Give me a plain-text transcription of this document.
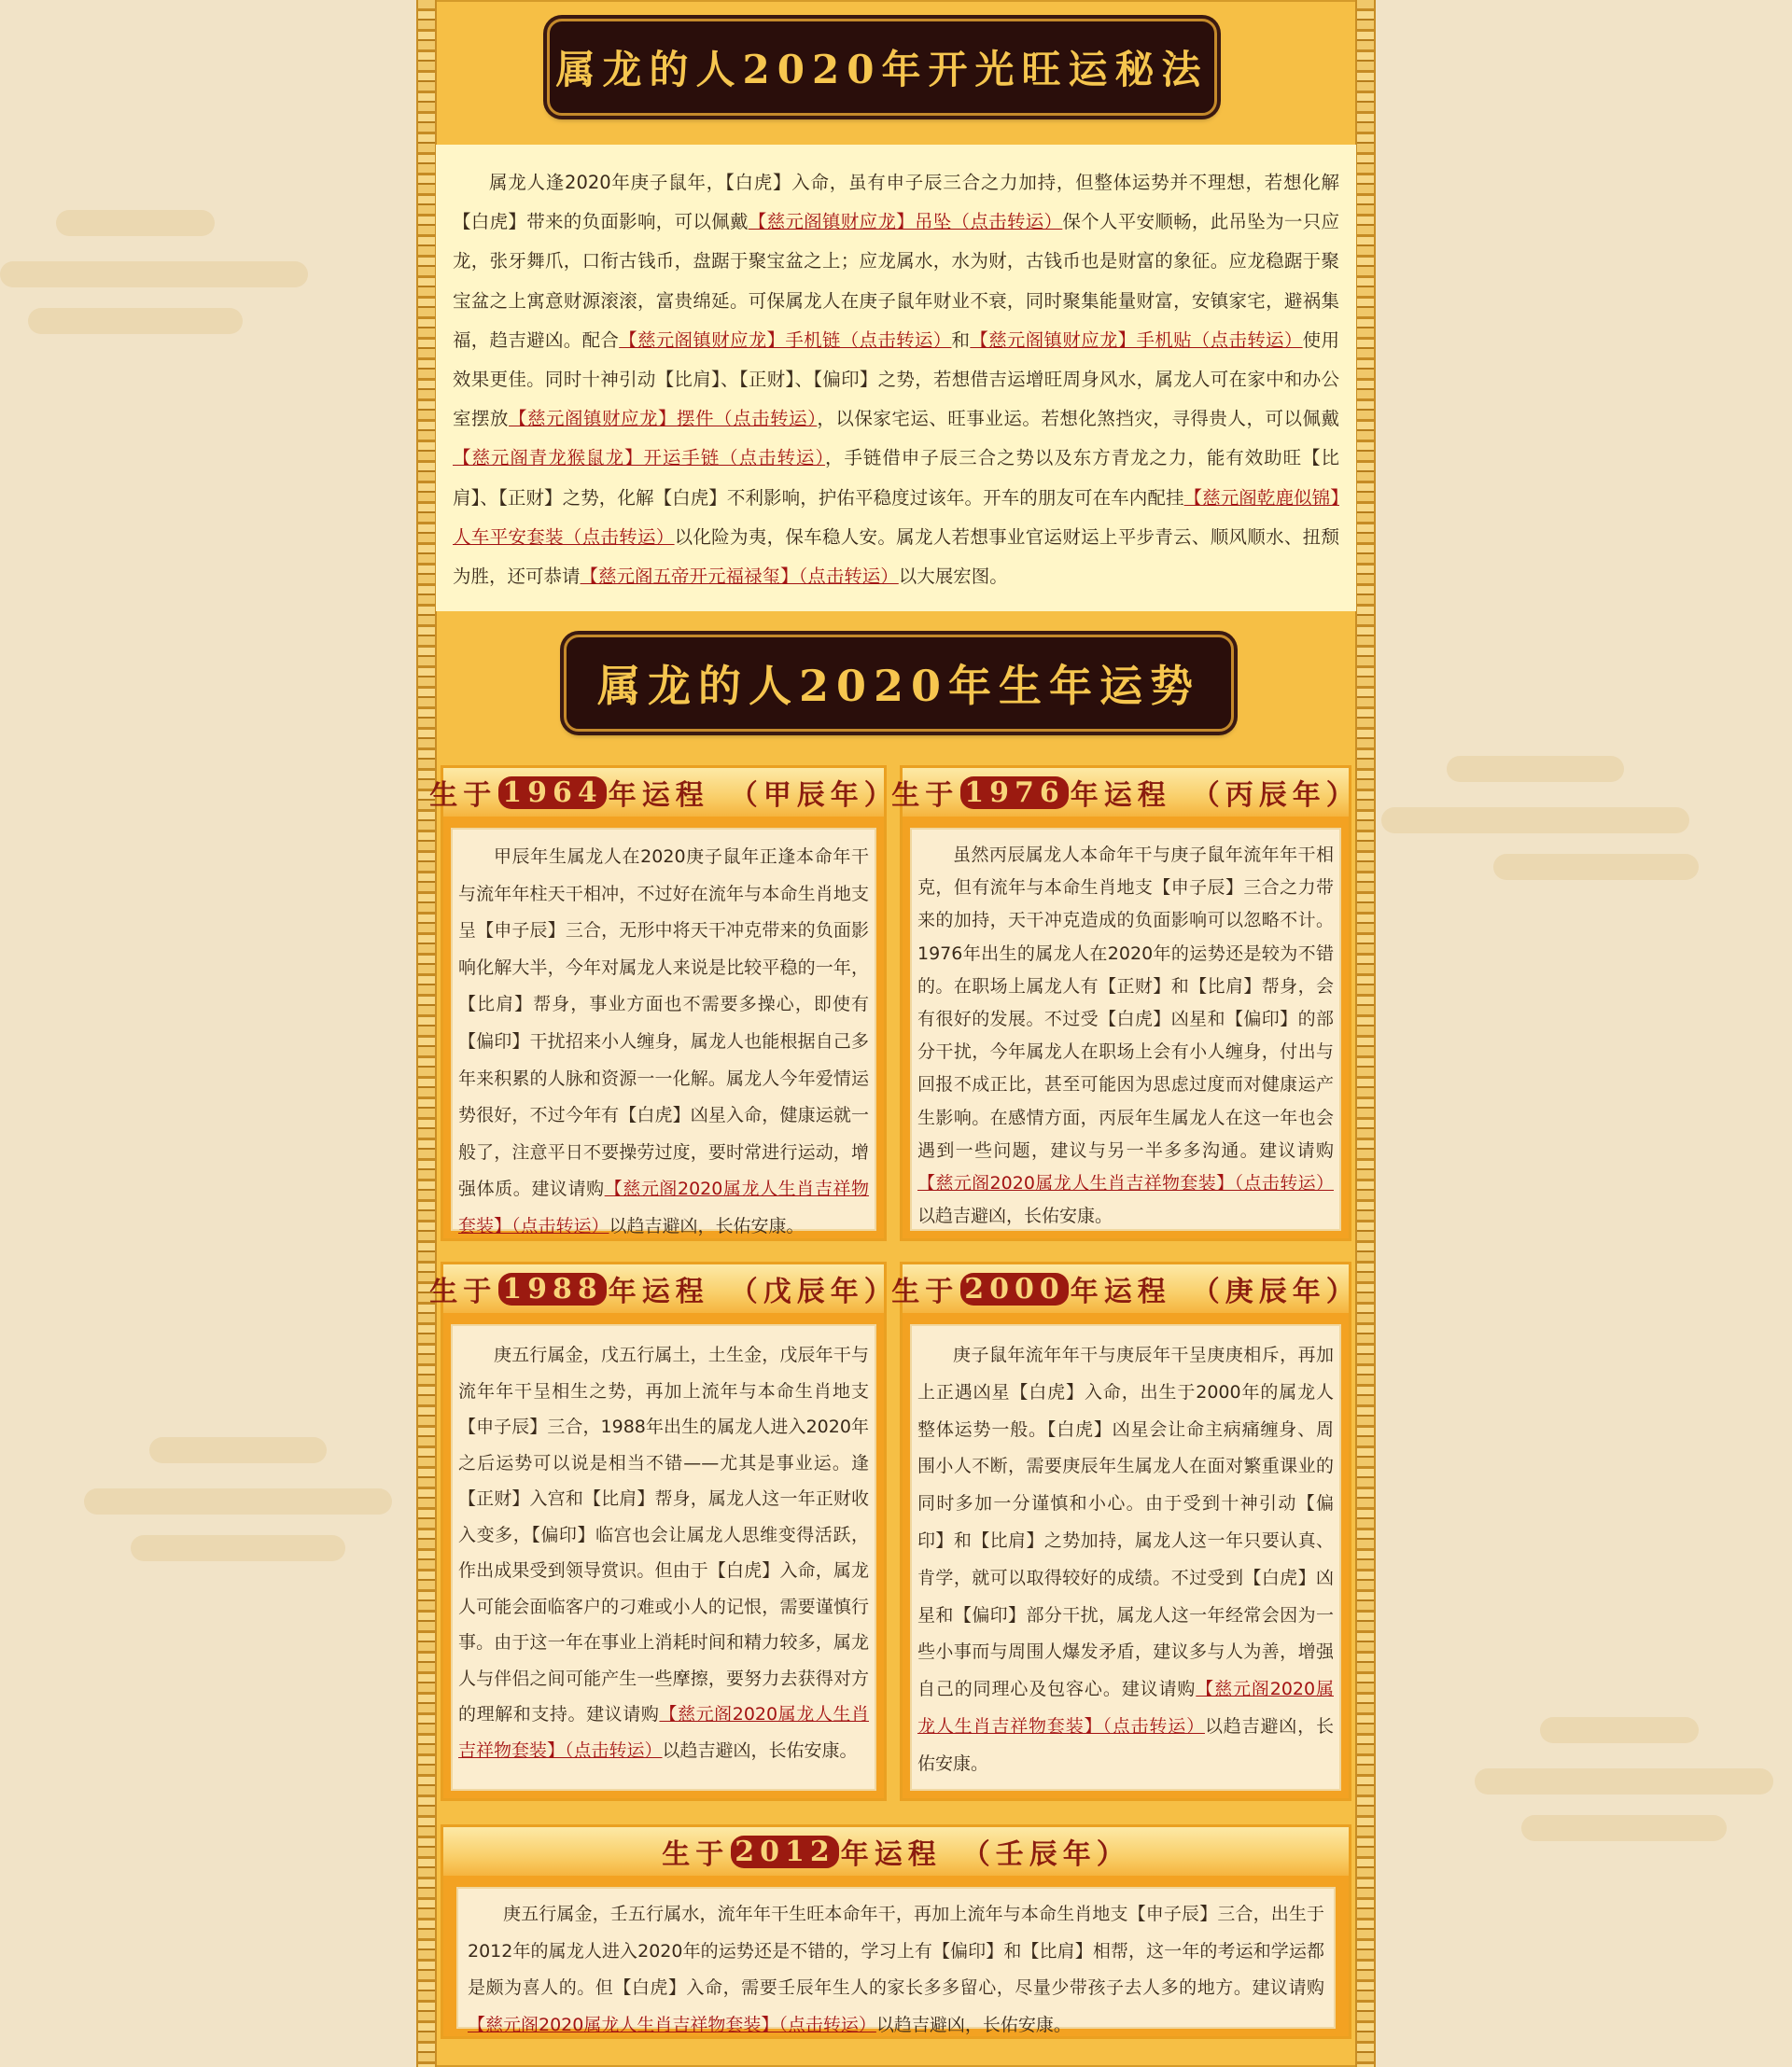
属龙的人2020年开光旺运秘法
属龙人逢2020年庚子鼠年，【白虎】入命，虽有申子辰三合之力加持，但整体运势并不理想，若想化解【白虎】带来的负面影响，可以佩戴【慈元阁镇财应龙】吊坠（点击转运）保个人平安顺畅，此吊坠为一只应龙，张牙舞爪，口衔古钱币，盘踞于聚宝盆之上；应龙属水，水为财，古钱币也是财富的象征。应龙稳踞于聚宝盆之上寓意财源滚滚，富贵绵延。可保属龙人在庚子鼠年财业不衰，同时聚集能量财富，安镇家宅，避祸集福，趋吉避凶。配合【慈元阁镇财应龙】手机链（点击转运）和【慈元阁镇财应龙】手机贴（点击转运）使用效果更佳。同时十神引动【比肩】、【正财】、【偏印】之势，若想借吉运增旺周身风水，属龙人可在家中和办公室摆放【慈元阁镇财应龙】摆件（点击转运），以保家宅运、旺事业运。若想化煞挡灾，寻得贵人，可以佩戴【慈元阁青龙猴鼠龙】开运手链（点击转运），手链借申子辰三合之势以及东方青龙之力，能有效助旺【比肩】、【正财】之势，化解【白虎】不利影响，护佑平稳度过该年。开车的朋友可在车内配挂【慈元阁乾鹿似锦】人车平安套装（点击转运）以化险为夷，保车稳人安。属龙人若想事业官运财运上平步青云、顺风顺水、扭颓为胜，还可恭请【慈元阁五帝开元福禄玺】（点击转运）以大展宏图。
属龙的人2020年生年运势
生于 1964 年运程 （甲辰年）
甲辰年生属龙人在2020庚子鼠年正逢本命年干与流年年柱天干相冲，不过好在流年与本命生肖地支呈【申子辰】三合，无形中将天干冲克带来的负面影响化解大半，今年对属龙人来说是比较平稳的一年，【比肩】帮身，事业方面也不需要多操心，即使有【偏印】干扰招来小人缠身，属龙人也能根据自己多年来积累的人脉和资源一一化解。属龙人今年爱情运势很好，不过今年有【白虎】凶星入命，健康运就一般了，注意平日不要操劳过度，要时常进行运动，增强体质。建议请购【慈元阁2020属龙人生肖吉祥物套装】（点击转运）以趋吉避凶，长佑安康。
生于 1976 年运程 （丙辰年）
虽然丙辰属龙人本命年干与庚子鼠年流年年干相克，但有流年与本命生肖地支【申子辰】三合之力带来的加持，天干冲克造成的负面影响可以忽略不计。1976年出生的属龙人在2020年的运势还是较为不错的。在职场上属龙人有【正财】和【比肩】帮身，会有很好的发展。不过受【白虎】凶星和【偏印】的部分干扰，今年属龙人在职场上会有小人缠身，付出与回报不成正比，甚至可能因为思虑过度而对健康运产生影响。在感情方面，丙辰年生属龙人在这一年也会遇到一些问题，建议与另一半多多沟通。建议请购【慈元阁2020属龙人生肖吉祥物套装】（点击转运）以趋吉避凶，长佑安康。
生于 1988 年运程 （戊辰年）
庚五行属金，戊五行属土，土生金，戊辰年干与流年年干呈相生之势，再加上流年与本命生肖地支【申子辰】三合，1988年出生的属龙人进入2020年之后运势可以说是相当不错——尤其是事业运。逢【正财】入宫和【比肩】帮身，属龙人这一年正财收入变多，【偏印】临宫也会让属龙人思维变得活跃，作出成果受到领导赏识。但由于【白虎】入命，属龙人可能会面临客户的刁难或小人的记恨，需要谨慎行事。由于这一年在事业上消耗时间和精力较多，属龙人与伴侣之间可能产生一些摩擦，要努力去获得对方的理解和支持。建议请购【慈元阁2020属龙人生肖吉祥物套装】（点击转运）以趋吉避凶，长佑安康。
生于 2000 年运程 （庚辰年）
庚子鼠年流年年干与庚辰年干呈庚庚相斥，再加上正遇凶星【白虎】入命，出生于2000年的属龙人整体运势一般。【白虎】凶星会让命主病痛缠身、周围小人不断，需要庚辰年生属龙人在面对繁重课业的同时多加一分谨慎和小心。由于受到十神引动【偏印】和【比肩】之势加持，属龙人这一年只要认真、肯学，就可以取得较好的成绩。不过受到【白虎】凶星和【偏印】部分干扰，属龙人这一年经常会因为一些小事而与周围人爆发矛盾，建议多与人为善，增强自己的同理心及包容心。建议请购【慈元阁2020属龙人生肖吉祥物套装】（点击转运）以趋吉避凶，长佑安康。
生于 2012 年运程 （壬辰年）
庚五行属金，壬五行属水，流年年干生旺本命年干，再加上流年与本命生肖地支【申子辰】三合，出生于2012年的属龙人进入2020年的运势还是不错的，学习上有【偏印】和【比肩】相帮，这一年的考运和学运都是颇为喜人的。但【白虎】入命，需要壬辰年生人的家长多多留心，尽量少带孩子去人多的地方。建议请购【慈元阁2020属龙人生肖吉祥物套装】（点击转运）以趋吉避凶，长佑安康。
